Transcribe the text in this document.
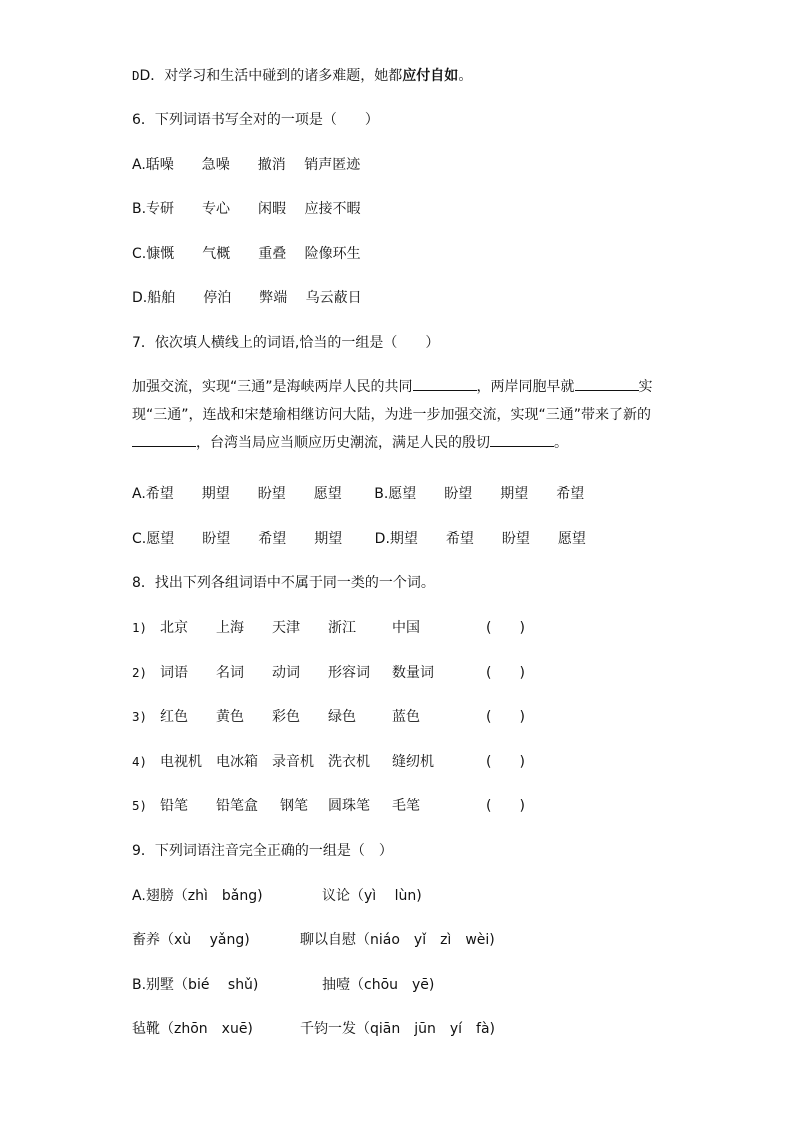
DD．对学习和生活中碰到的诸多难题，她都应付自如。
6．下列词语书写全对的一项是（　　）
A.聒噪　　急噪　　撤消　 销声匿迹
B.专研　　专心　　闲暇　 应接不暇
C.慷慨　　气概　　重叠　 险像环生
D.船舶　　停泊　　弊端　 乌云蔽日
7．依次填人横线上的词语,恰当的一组是（　　）
加强交流，实现“三通”是海峡两岸人民的共同	，两岸同胞早就	实现“三通”，连战和宋楚瑜相继访问大陆，为进一步加强交流，实现“三通”带来了新的，台湾当局应当顺应历史潮流，满足人民的殷切	。
A.希望　　期望　　盼望　　愿望　　 B.愿望　　盼望　　期望　　希望
C.愿望　　盼望　　希望　　期望　　 D.期望　　希望　　盼望　　愿望
8．找出下列各组词语中不属于同一类的一个词。
1) 北京 上海 天津 浙江	中国	(　　)
2) 词语 名词 动词 形容词 数量词	(　　)
3) 红色 黄色 彩色 绿色	蓝色	(　　)
4) 电视机 电冰箱 录音机 洗衣机 缝纫机	(　　)
5) 铅笔 铅笔盒 钢笔 圆珠笔 毛笔	(　　)
9．下列词语注音完全正确的一组是（　）
A.翅膀（zhì　bǎng)	议论（yì　 lùn)
畜养（xù　 yǎng)	聊以自慰（niáo　yǐ　zì　wèi)
B.别墅（bié　 shǔ)	抽噎（chōu　yē)
毡靴（zhōn　xuē)	千钧一发（qiān　jūn　yí　fà)
